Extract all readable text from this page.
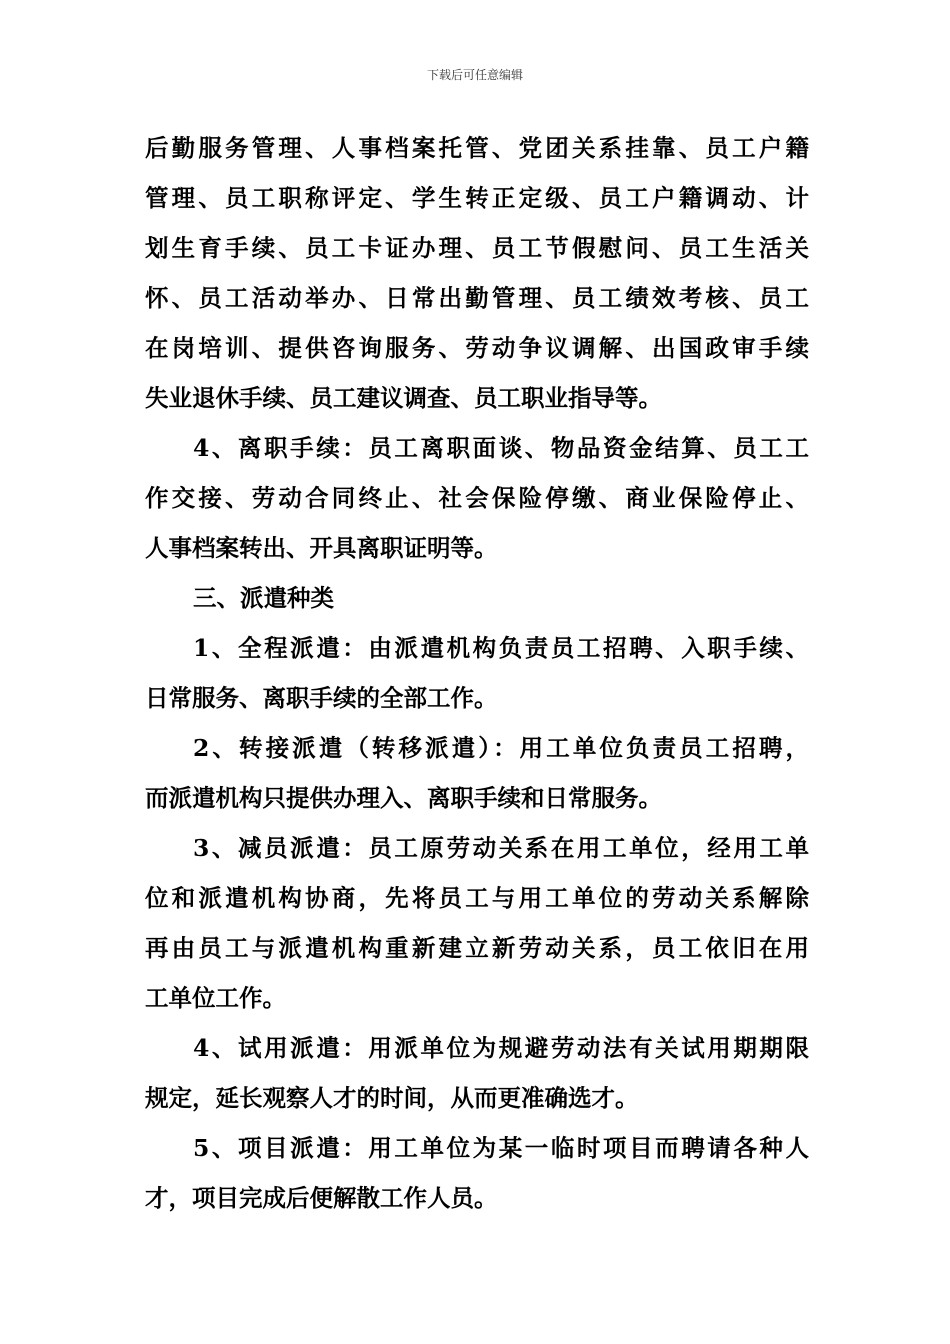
下载后可任意编辑
后勤服务管理、人事档案托管、党团关系挂靠、员工户籍
管理、员工职称评定、学生转正定级、员工户籍调动、计
划生育手续、员工卡证办理、员工节假慰问、员工生活关
怀、员工活动举办、日常出勤管理、员工绩效考核、员工
在岗培训、提供咨询服务、劳动争议调解、出国政审手续
失业退休手续、员工建议调查、员工职业指导等。
4、离职手续：员工离职面谈、物品资金结算、员工工
作交接、劳动合同终止、社会保险停缴、商业保险停止、
人事档案转出、开具离职证明等。
三、派遣种类
1、全程派遣：由派遣机构负责员工招聘、入职手续、
日常服务、离职手续的全部工作。
2、转接派遣（转移派遣）：用工单位负责员工招聘，
而派遣机构只提供办理入、离职手续和日常服务。
3、减员派遣：员工原劳动关系在用工单位，经用工单
位和派遣机构协商，先将员工与用工单位的劳动关系解除
再由员工与派遣机构重新建立新劳动关系，员工依旧在用
工单位工作。
4、试用派遣：用派单位为规避劳动法有关试用期期限
规定，延长观察人才的时间，从而更准确选才。
5、项目派遣：用工单位为某一临时项目而聘请各种人
才，项目完成后便解散工作人员。
